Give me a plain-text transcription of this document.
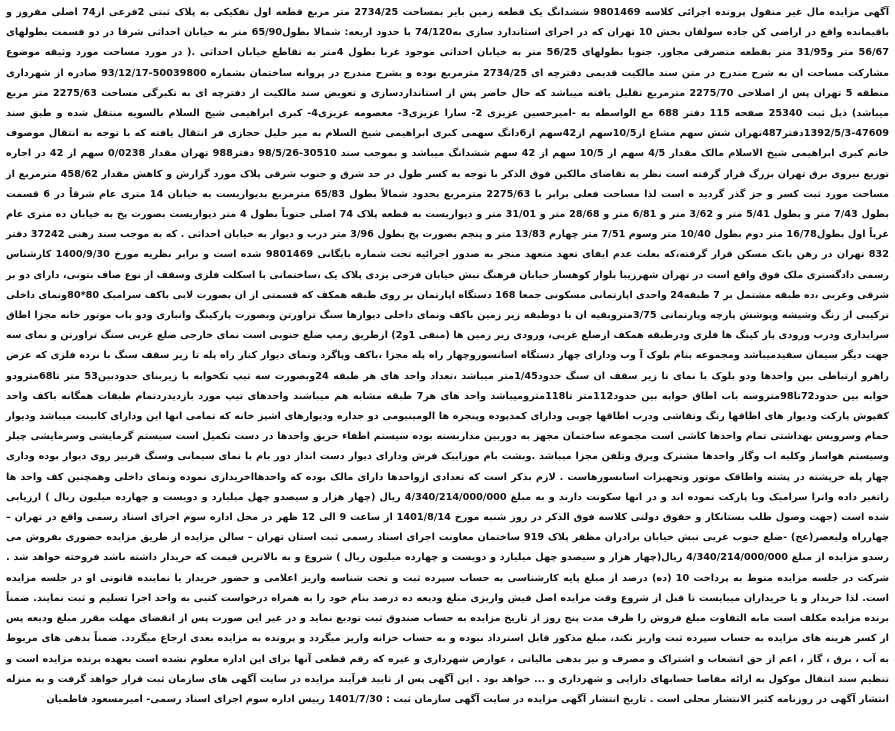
آگهی مزایده مال غیر منقول پرونده اجرائی کلاسه 9801469 ششدانگ یک قطعه زمین بایر بمساحت 2734/25 متر مربع قطعه اول تفکیکی به پلاک ثبتی 2فرعی از74 اصلی مفروز و باقیمانده واقع در اراضی کن جاده سولقان بخش 10 تهران که در اجرای استاندارد سازی به74/120 با حدود اربعه: شمالا بطول65/90 متر به خیابان احداثی شرقا در دو قسمت بطولهای 56/67 متر و31/95 متر بقطعه متصرفی مجاور. جنوبا بطولهای 56/25 متر به خیابان احداثی موجود غربا بطول 4متر به تقاطع خیابان احداثی .( در مورد مساحت مورد وثیقه موضوع مشارکت مساحت ان به شرح مندرج در متن سند مالکیت قدیمی دفترچه ای 2734/25 مترمربع بوده و بشرح مندرج در پروانه ساختمان بشماره 50039800-93/12/17 صادره از شهرداری منطقه 5 تهران پس از اصلاحی 2275/70 مترمربع تقلیل یافته میباشد که حال حاضر پس از استانداردسازی و تعویض سند مالکیت از دفترچه ای به تکبرگی مساحت 2275/63 متر مربع میباشد) ذیل ثبت 25340 صفحه 115 دفتر 688 مع الواسطه به -امیرحسین عزیزی 2- سارا عزیزی3- معصومه عزیزی4- کبری ابراهیمی شیخ السلام بالسویه منتقل شده و طبق سند 47609-1392/5/3دفتر487تهران شش سهم مشاع از10/5سهم از42سهم از6دانگ سهمی کبری ابراهیمی شیخ السلام به میر جلیل حجازی فر انتقال یافته که با توجه به انتقال موصوف خانم کبری ابراهیمی شیخ الاسلام مالک مقدار 4/5 سهم از 10/5 سهم از 42 سهم ششدانگ میباشد و بموجب سند 30510-98/5/26 دفتر988 تهران مقدار 0/0238 سهم از 42 در اجاره توزیع نیروی برق تهران بزرگ قرار گرفته است نظر به تقاضای مالکین فوق الذکر با توجه به کسر طول در حد شرق و جنوب شرقی پلاک مورد گزارش و کاهش مقدار 458/62 مترمربع از مساحت مورد ثبت کسر و جز گذر گردید ه است لذا مساحت فعلی برابر با 2275/63 مترمربع بحدود شمالاً بطول 65/83 مترمربع بدیواریست به خیابان 14 متری عام شرقاً در 6 قسمت بطول 7/43 متر و بطول 5/41 متر و 3/62 متر و 6/81 متر و 28/68 متر و 31/01 متر و دیواریست به قطعه پلاک 74 اصلی جنوباً بطول 4 متر دیواریست بصورت پخ به خیابان ده متری عام غرباً اول بطول16/78 متر دوم بطول 10/40 متر وسوم 7/51 متر چهارم 13/83 متر و پنجم بصورت پخ بطول 3/96 متر درب و دیوار به خیابان احداثی . که به موجب سند رهنی 37242 دفتر 832 تهران در رهن بانک مسکن قرار گرفته،که بعلت عدم ایفای تعهد متعهد منجر به صدور اجرائیه تحت شماره بایگانی 9801469 شده است و برابر نظریه مورخ 1400/9/30 کارشناس رسمی دادگستری ملک فوق واقع است در تهران شهرزیبا بلوار کوهسار خیابان فرهنگ نبش خیابان فرخی یزدی پلاک یک ،ساختمانی با اسکلت فلزی وسقف از نوع صاف بتونی، دارای دو بر شرقی وغربی ،ده طبقه مشتمل بر 7 طبقه24 واحدی اپارتمانی مسکونی جمعا 168 دستگاه اپارتمان بر روی طبقه همکف که قسمتی از ان بصورت لابی باکف سرامیک 80*80ونمای داخلی ترکیبی از رنگ وشیشه وپوشش پارچه وپارتمانی 3/75متروبقیه ان با دوطبقه زیر زمین باکف ونمای داخلی دیوارها سنگ تراورتن وبصورت پارکینگ وانباری ودو باب موتور خانه مجزا اطاق سرایداری ودرب ورودی پار کینگ ها فلزی ودرطبقه همکف ازضلع غربی، ورودی زیر زمین ها (منفی 1و2) ازطریق رمپ ضلع جنوبی است نمای خارجی ضلع غربی سنگ تراورتن و نمای سه جهت دیگر سیمان سفیدمیباشد ومجموعه بنام بلوک آ وب ودارای چهار دستگاه اسانسوروچهار راه پله مجزا ،باکف وپاگرد ونمای دیوار کنار راه پله تا زیر سقف سنگ با نرده فلزی که عرض راهرو ارتباطی بین واحدها ودو بلوک با نمای تا زیر سقف ان سنگ حدود1/45متر میباشد ،تعداد واحد های هر طبقه 24وبصورت سه تیپ تکخوابه با زیربنای حدودبین53 متر تا68مترودو خوابه بین حدود72تا98متروسه باب اطاق خوابه بین حدود112متر تا118مترومیباشد واحد های هر7 طبقه مشابه هم میباشند واحدهای تیپ مورد بازدیدردتمام طبقات همگانه باکف واحد کفپوش پارکت ودیوار های اطاقها رنگ وتقاشی ودرب اطاقها چوبی ودارای کمدپوده وپنجره ها الومینیومی دو جداره ودیوارهای اشپز خانه که تمامی انها این ودارای کابینت میباشد ودیوار حمام وسرویس بهداشتی تمام واحدها کاشی است مجموعه ساختمان مجهز به دوربین مداربسته بوده سیستم اطفاء حریق واحدها در دست تکمیل است سیستم گرمایشی وسرمایشی چیلر وسیستم هواساز وکلیه اب وگاز واحدها مشترک وبرق وتلفن مجزا میباشد .وبشت بام موزاییک فرش ودارای دیوار دست انداز دور بام با نمای سیمانی وسنگ قرنیز روی دیوار بوده وداری چهار پله خرپشته در پشته واطاقک موتور وتجهیزات اسانسورهاست . لازم بذکر است که تعدادی ازواحدها دارای مالک بوده که واحدهااخریداری نموده ونمای داخلی وهمچنین کف واحد ها راتغیر داده وانرا سرامیک ویا پارکت نموده اند و در انها سکونت دارند و به مبلغ 4/340/214/000/000 ریال (چهار هزار و سیصدو چهل میلیارد و دویست و چهارده میلیون ریال ) ارزیابی شده است (جهت وصول طلب بستانکار و حقوق دولتی کلاسه فوق الذکر در روز شنبه مورخ 1401/8/14 از ساعت 9 الی 12 ظهر در محل اداره سوم اجرای اسناد رسمی واقع در تهران – چهارراه ولیعصر(عج) -ضلع جنوب غربی نبش خیابان برادران مظفر پلاک 919 ساختمان معاونت اجرای اسناد رسمی ثبت استان تهران – سالن مزایده از طریق مزایده حضوری بفروش می رسدو مزایده از مبلغ 4/340/214/000/000 ریال(چهار هزار و سیصدو چهل میلیارد و دویست و چهارده میلیون ریال ) شروع و به بالاترین قیمت که خریدار داشته باشد فروخته خواهد شد . شرکت در جلسه مزایده منوط به پرداخت 10 (ده) درصد از مبلغ پایه کارشناسی به حساب سپرده ثبت و تحت شناسه واریز اعلامی و حضور خریدار یا نماینده قانونی او در جلسه مزایده است. لذا خریدار و یا خریداران میبایست تا قبل از شروع وقت مزایده اصل فیش واریزی مبلغ ودیعه ده درصد بنام خود را به همراه درخواست کتبی به واحد اجرا تسلیم و ثبت نمایند. ضمناً برنده مزایده مکلف است مابه التفاوت مبلغ فروش را ظرف مدت پنج روز از تاریخ مزایده به حساب صندوق ثبت تودیع نماید و در غیر این صورت پس از انقضای مهلت مقرر مبلغ ودیعه پس از کسر هزینه های مزایده به حساب سپرده ثبت واریز نکند، مبلغ مذکور قابل استرداد نبوده و به حساب خزانه واریز میگردد و پرونده به مزایده بعدی ارجاع میگردد. ضمناً بدهی های مربوط به آب ، برق ، گاز ، اعم از حق انشعاب و اشتراک و مصرف و نیز بدهی مالیاتی ، عوارض شهرداری و غیره که رقم قطعی آنها برای این اداره معلوم نشده است بعهده برنده مزایده است و تنظیم سند انتقال موکول به ارائه مفاصا حسابهای دارایی و شهرداری و ... خواهد بود . این آگهی پس از تایید فرآیند مزایده در سایت آگهی های سازمان ثبت قرار خواهد گرفت و به منزله انتشار آگهی در روزنامه کثیر الانتشار محلی است . تاریخ انتشار آگهی مزایده در سایت آگهی سازمان ثبت : 1401/7/30 رییس اداره سوم اجرای اسناد رسمی- امیرمسعود فاطمیان
